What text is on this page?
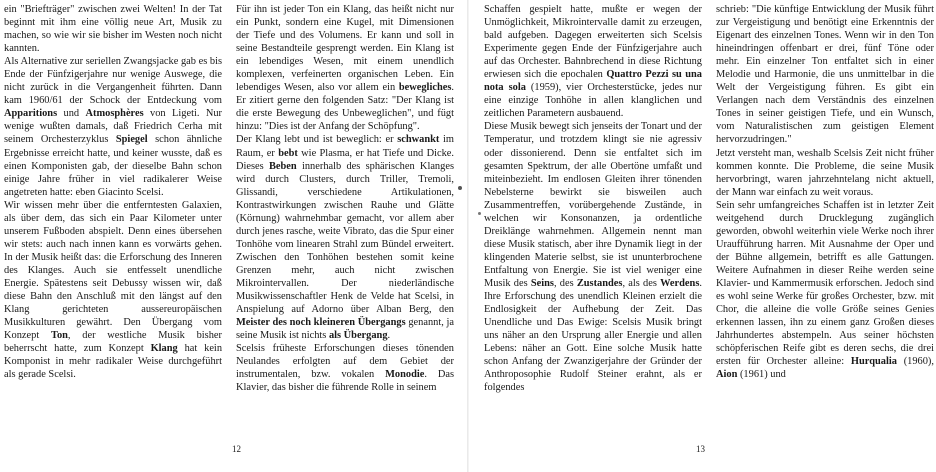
ein "Briefträger" zwischen zwei Welten! In der Tat beginnt mit ihm eine völlig neue Art, Musik zu machen, so wie wir sie bisher im Westen noch nicht kannten.

Als Alternative zur seriellen Zwangsjacke gab es bis Ende der Fünfzigerjahre nur wenige Auswege, die nicht zurück in die Vergangenheit führten. Dann kam 1960/61 der Schock der Entdeckung vom Apparitions und Atmosphères von Ligeti. Nur wenige wußten damals, daß Friedrich Cerha mit seinem Orchesterzyklus Spiegel schon ähnliche Ergebnisse erreicht hatte, und keiner wusste, daß es einen Komponisten gab, der dieselbe Bahn schon einige Jahre früher in viel radikalerer Weise angetreten hatte: eben Giacinto Scelsi.

Wir wissen mehr über die entferntesten Galaxien, als über dem, das sich ein Paar Kilometer unter unserem Fußboden abspielt. Denn eines übersehen wir stets: auch nach innen kann es vorwärts gehen. In der Musik heißt das: die Erforschung des Inneren des Klanges. Auch sie entfesselt unendliche Energie. Spätestens seit Debussy wissen wir, daß diese Bahn den Anschluß mit den längst auf den Klang gerichteten aussereuropäischen Musikkulturen gewährt. Den Übergang vom Konzept Ton, der westliche Musik bisher beherrscht hatte, zum Konzept Klang hat kein Komponist in mehr radikaler Weise durchgeführt als gerade Scelsi.

Für ihn ist jeder Ton ein Klang, das heißt nicht nur ein Punkt, sondern eine Kugel, mit Dimensionen der Tiefe und des Volumens. Er kann und soll in seine Bestandteile gesprengt werden. Ein Klang ist ein lebendiges Wesen, mit einem unendlich komplexen, verfeinerten organischen Leben. Ein lebendiges Wesen, also vor allem ein bewegliches. Er zitiert gerne den folgenden Satz: "Der Klang ist die erste Bewegung des Unbeweglichen", und fügt hinzu: "Dies ist der Anfang der Schöpfung".

Der Klang lebt und ist beweglich: er schwankt im Raum, er bebt wie Plasma, er hat Tiefe und Dicke. Dieses Beben innerhalb des sphärischen Klanges wird durch Clusters, durch Triller, Tremoli, Glissandi, verschiedene Artikulationen, Kontrastwirkungen zwischen Rauhe und Glätte (Körnung) wahrnehmbar gemacht, vor allem aber durch jenes rasche, weite Vibrato, das die Spur einer Tonhöhe vom linearen Strahl zum Bündel erweitert. Zwischen den Tonhöhen bestehen somit keine Grenzen mehr, auch nicht zwischen Mikrointervallen. Der niederländische Musikwissenschaftler Henk de Velde hat Scelsi, in Anspielung auf Adorno über Alban Berg, den Meister des noch kleineren Übergangs genannt, ja seine Musik ist nichts als Übergang.

Scelsis früheste Erforschungen dieses tönenden Neulandes erfolgten auf dem Gebiet der instrumentalen, bzw. vokalen Monodie. Das Klavier, das bisher die führende Rolle in seinem

Schaffen gespielt hatte, mußte er wegen der Unmöglichkeit, Mikrointervalle damit zu erzeugen, bald aufgeben. Dagegen erweiterten sich Scelsis Experimente gegen Ende der Fünfzigerjahre auch auf das Orchester. Bahnbrechend in diese Richtung erwiesen sich die epochalen Quattro Pezzi su una nota sola (1959), vier Orchesterstücke, jedes nur eine einzige Tonhöhe in allen klanglichen und zeitlichen Parametern ausbauend.

Diese Musik bewegt sich jenseits der Tonart und der Temperatur, und trotzdem klingt sie nie agressiv oder dissonierend. Denn sie entfaltet sich im gesamten Spektrum, der alle Obertöne umfaßt und miteinbezieht. Im endlosen Gleiten ihrer tönenden Nebelsterne bewirkt sie bisweilen auch Zusammentreffen, vorübergehende Zustände, in welchen wir Konsonanzen, ja ordentliche Dreiklänge wahrnehmen. Allgemein nennt man diese Musik statisch, aber ihre Dynamik liegt in der klingenden Materie selbst, sie ist ununterbrochene Entfaltung von Energie. Sie ist viel weniger eine Musik des Seins, des Zustandes, als des Werdens. Ihre Erforschung des unendlich Kleinen erzielt die Endlosigkeit der Aufhebung der Zeit. Das Unendliche und Das Ewige: Scelsis Musik bringt uns näher an den Ursprung aller Energie und allen Lebens: näher an Gott. Eine solche Musik hatte schon Anfang der Zwanzigerjahre der Gründer der Anthroposophie Rudolf Steiner erahnt, als er folgendes

schrieb: "Die künftige Entwicklung der Musik führt zur Vergeistigung und benötigt eine Erkenntnis der Eigenart des einzelnen Tones. Wenn wir in den Ton hineindringen offenbart er drei, fünf Töne oder mehr. Ein einzelner Ton entfaltet sich in einer Melodie und Harmonie, die uns unmittelbar in die Welt der Vergeistigung führen. Es gibt ein Verlangen nach dem Verständnis des einzelnen Tones in seiner geistigen Tiefe, und ein Wunsch, vom Naturalistischen zum geistigen Element hervorzudringen."

Jetzt versteht man, weshalb Scelsis Zeit nicht früher kommen konnte. Die Probleme, die seine Musik hervorbringt, waren jahrzehntelang nicht aktuell, der Mann war einfach zu weit voraus.

Sein sehr umfangreiches Schaffen ist in letzter Zeit weitgehend durch Drucklegung zugänglich geworden, obwohl weiterhin viele Werke noch ihrer Uraufführung harren. Mit Ausnahme der Oper und der Bühne allgemein, betrifft es alle Gattungen. Weitere Aufnahmen in dieser Reihe werden seine Klavier- und Kammermusik erforschen. Jedoch sind es wohl seine Werke für großes Orchester, bzw. mit Chor, die alleine die volle Größe seines Genies erkennen lassen, ihn zu einem ganz Großen dieses Jahrhundertes abstempeln. Aus seiner höchsten schöpferischen Reife gibt es deren sechs, die drei ersten für Orchester alleine: Hurqualia (1960), Aion (1961) und

12	13
